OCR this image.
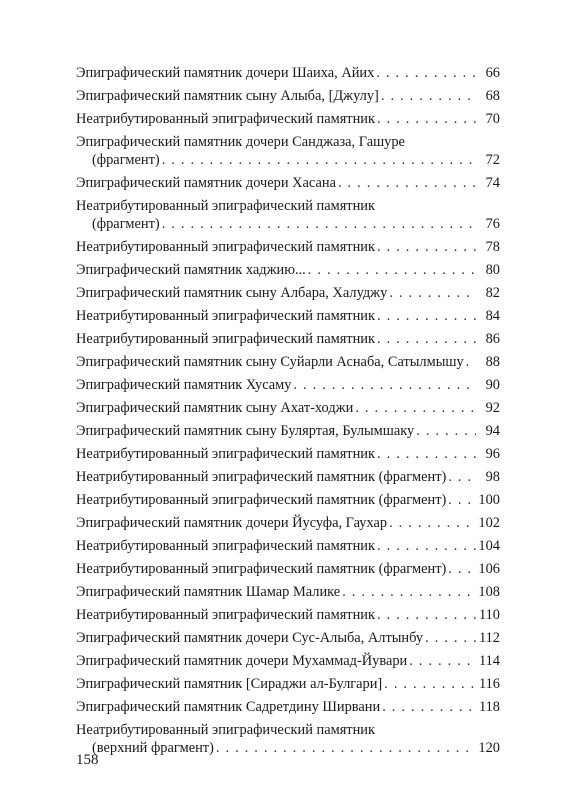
Эпиграфический памятник дочери Шаиха, Айих . . .	66
Эпиграфический памятник сыну Алыба, [Джулу] . . .	68
Неатрибутированный эпиграфический памятник . . .	70
Эпиграфический памятник дочери Санджаза, Гашуре
(фрагмент) . . .	72
Эпиграфический памятник дочери Хасана . . .	74
Неатрибутированный эпиграфический памятник
(фрагмент) . . .	76
Неатрибутированный эпиграфический памятник . . .	78
Эпиграфический памятник хаджию... . . .	80
Эпиграфический памятник сыну Албара, Халуджу . . .	82
Неатрибутированный эпиграфический памятник . . .	84
Неатрибутированный эпиграфический памятник . . .	86
Эпиграфический памятник сыну Суйарли Аснаба, Сатылмышу . . .	88
Эпиграфический памятник Хусаму . . .	90
Эпиграфический памятник сыну Ахат-ходжи . . .	92
Эпиграфический памятник сыну Буляртая, Булымшаку . . .	94
Неатрибутированный эпиграфический памятник . . .	96
Неатрибутированный эпиграфический памятник (фрагмент) . . .	98
Неатрибутированный эпиграфический памятник (фрагмент) . . . 100
Эпиграфический памятник дочери Йусуфа, Гаухар . . .	102
Неатрибутированный эпиграфический памятник . . .	104
Неатрибутированный эпиграфический памятник (фрагмент) . . . 106
Эпиграфический памятник Шамар Малике . . .	108
Неатрибутированный эпиграфический памятник . . .	110
Эпиграфический памятник дочери Сус-Алыба, Алтынбу . . .	112
Эпиграфический памятник дочери Мухаммад-Йувари . . .	114
Эпиграфический памятник [Сираджи ал-Булгари] . . .	116
Эпиграфический памятник Садретдину Ширвани . . .	118
Неатрибутированный эпиграфический памятник
(верхний фрагмент) . . .	120
158
